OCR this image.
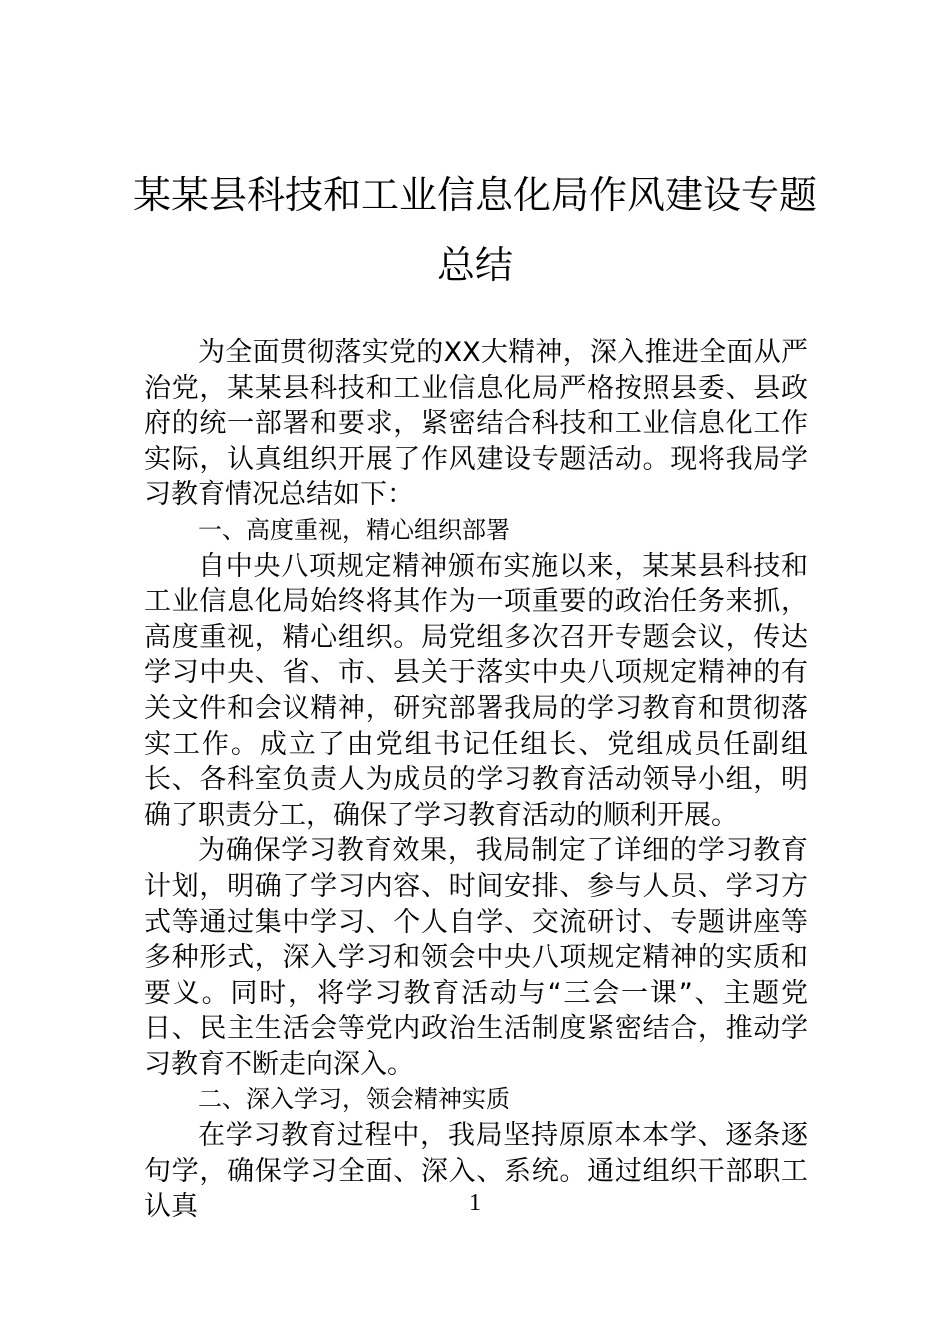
某某县科技和工业信息化局作风建设专题
总结

为全面贯彻落实党的XX大精神，深入推进全面从严治党，某某县科技和工业信息化局严格按照县委、县政府的统一部署和要求，紧密结合科技和工业信息化工作实际，认真组织开展了作风建设专题活动。现将我局学习教育情况总结如下：

一、高度重视，精心组织部署

自中央八项规定精神颁布实施以来，某某县科技和工业信息化局始终将其作为一项重要的政治任务来抓，高度重视，精心组织。局党组多次召开专题会议，传达学习中央、省、市、县关于落实中央八项规定精神的有关文件和会议精神，研究部署我局的学习教育和贯彻落实工作。成立了由党组书记任组长、党组成员任副组长、各科室负责人为成员的学习教育活动领导小组，明确了职责分工，确保了学习教育活动的顺利开展。

为确保学习教育效果，我局制定了详细的学习教育计划，明确了学习内容、时间安排、参与人员、学习方式等通过集中学习、个人自学、交流研讨、专题讲座等多种形式，深入学习和领会中央八项规定精神的实质和要义。同时，将学习教育活动与“三会一课”、主题党日、民主生活会等党内政治生活制度紧密结合，推动学习教育不断走向深入。

二、深入学习，领会精神实质

在学习教育过程中，我局坚持原原本本学、逐条逐句学，确保学习全面、深入、系统。通过组织干部职工认真	1
